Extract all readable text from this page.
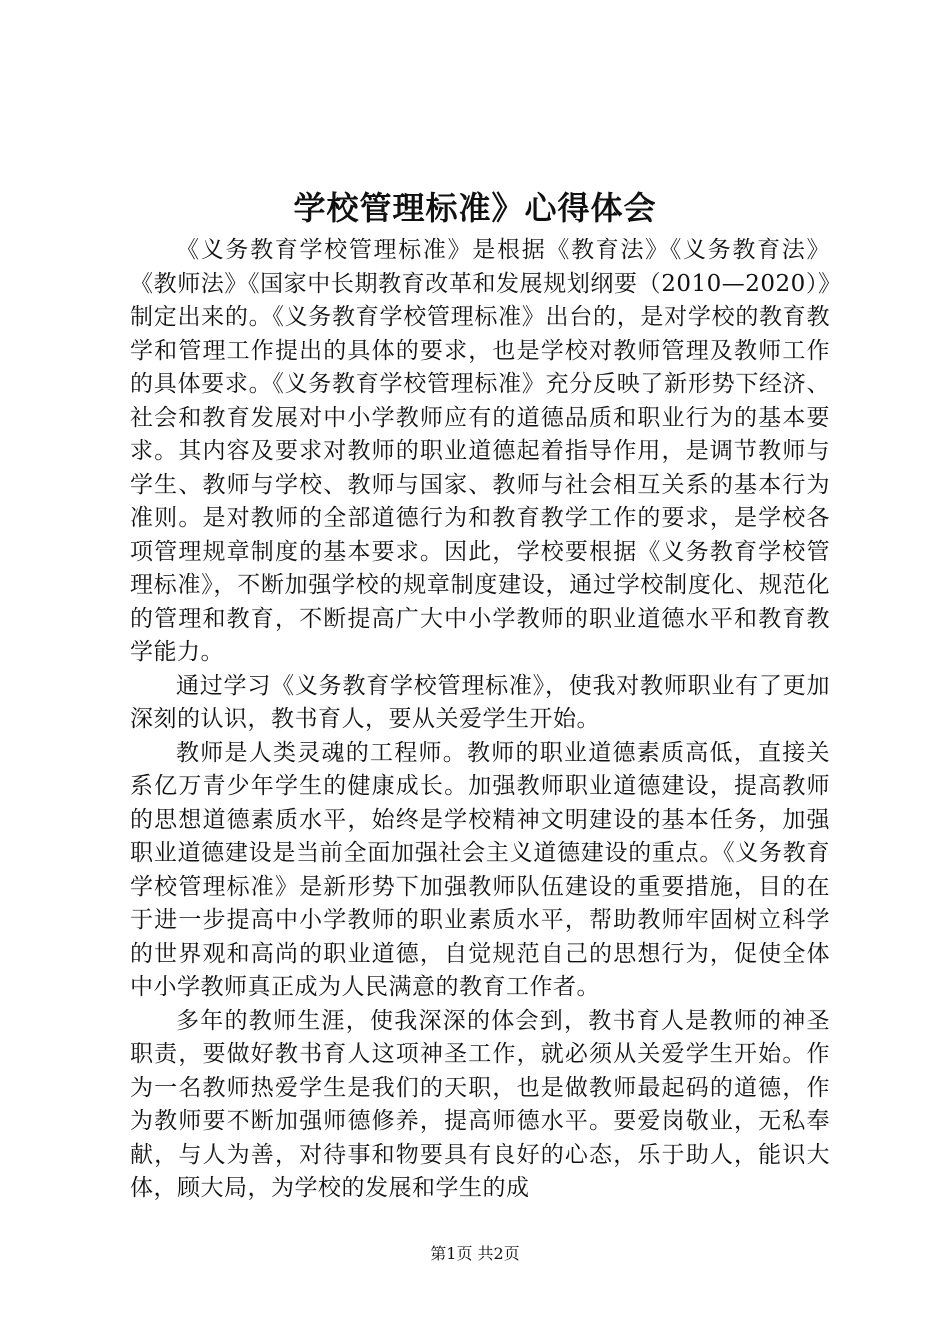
学校管理标准》心得体会

《义务教育学校管理标准》是根据《教育法》《义务教育法》《教师法》《国家中长期教育改革和发展规划纲要（2010—2020）》制定出来的。《义务教育学校管理标准》出台的，是对学校的教育教学和管理工作提出的具体的要求，也是学校对教师管理及教师工作的具体要求。《义务教育学校管理标准》充分反映了新形势下经济、社会和教育发展对中小学教师应有的道德品质和职业行为的基本要求。其内容及要求对教师的职业道德起着指导作用，是调节教师与学生、教师与学校、教师与国家、教师与社会相互关系的基本行为准则。是对教师的全部道德行为和教育教学工作的要求，是学校各项管理规章制度的基本要求。因此，学校要根据《义务教育学校管理标准》，不断加强学校的规章制度建设，通过学校制度化、规范化的管理和教育，不断提高广大中小学教师的职业道德水平和教育教学能力。

通过学习《义务教育学校管理标准》，使我对教师职业有了更加深刻的认识，教书育人，要从关爱学生开始。

教师是人类灵魂的工程师。教师的职业道德素质高低，直接关系亿万青少年学生的健康成长。加强教师职业道德建设，提高教师的思想道德素质水平，始终是学校精神文明建设的基本任务，加强职业道德建设是当前全面加强社会主义道德建设的重点。《义务教育学校管理标准》是新形势下加强教师队伍建设的重要措施，目的在于进一步提高中小学教师的职业素质水平，帮助教师牢固树立科学的世界观和高尚的职业道德，自觉规范自己的思想行为，促使全体中小学教师真正成为人民满意的教育工作者。

多年的教师生涯，使我深深的体会到，教书育人是教师的神圣职责，要做好教书育人这项神圣工作，就必须从关爱学生开始。作为一名教师热爱学生是我们的天职，也是做教师最起码的道德，作为教师要不断加强师德修养，提高师德水平。要爱岗敬业，无私奉献，与人为善，对待事和物要具有良好的心态，乐于助人，能识大体，顾大局，为学校的发展和学生的成

第1页 共2页
